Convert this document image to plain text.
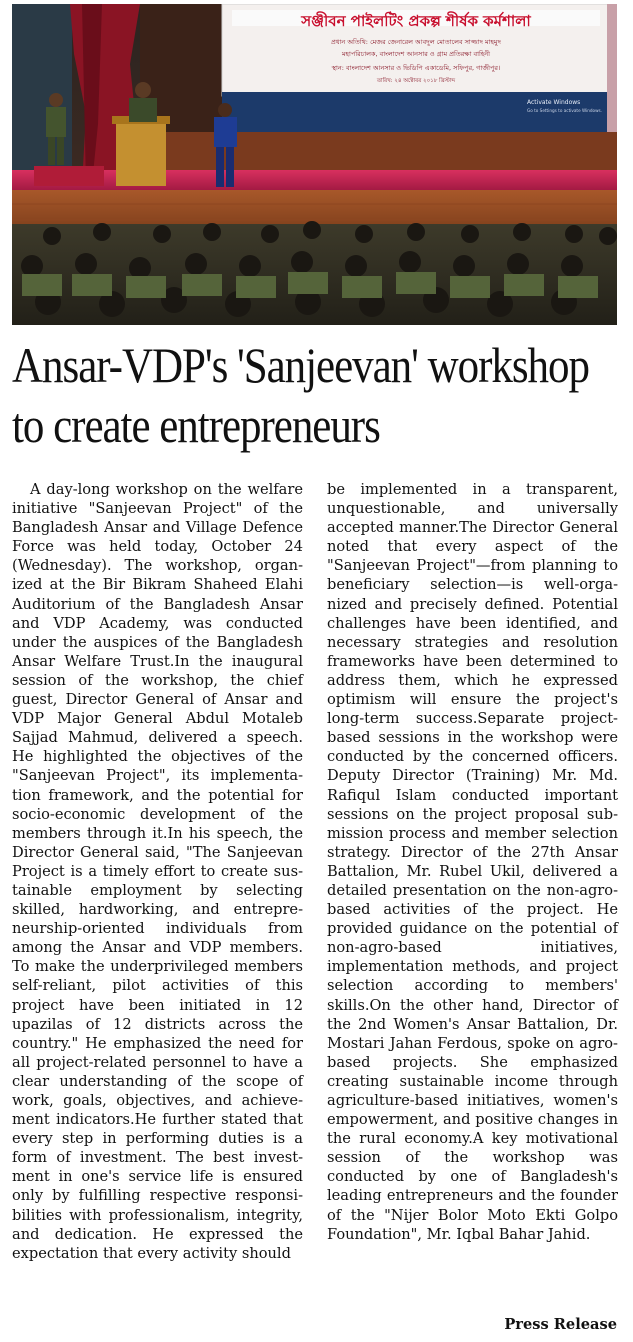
সঞ্জীবন পাইলটিং প্রকল্প শীর্ষক কর্মশালা
প্রধান অতিথি: মেজর জেনারেল আবদুল মোতালেব সাজ্জাদ মাহমুদ
মহাপরিচালক, বাংলাদেশ আনসার ও গ্রাম প্রতিরক্ষা বাহিনী
স্থান: বাংলাদেশ আনসার ও ভিডিপি একাডেমি, সফিপুর, গাজীপুর।
তারিখ: ২৪ অক্টোবর ২০১৮ খ্রিস্টাব্দ
Activate Windows
Go to Settings to activate Windows.
Ansar-VDP's 'Sanjeevan' workshop
to create entrepreneurs

A day-long workshop on the welfare initiative "Sanjeevan Project" of the Bangladesh Ansar and Village Defence Force was held today, October 24 (Wednesday). The workshop, organized at the Bir Bikram Shaheed Elahi Auditorium of the Bangladesh Ansar and VDP Academy, was conducted under the auspices of the Bangladesh Ansar Welfare Trust.In the inaugural session of the workshop, the chief guest, Director General of Ansar and VDP Major General Abdul Motaleb Sajjad Mahmud, delivered a speech. He highlighted the objectives of the "Sanjeevan Project", its implementation framework, and the potential for socio-economic development of the members through it.In his speech, the Director General said, "The Sanjeevan Project is a timely effort to create sustainable employment by selecting skilled, hardworking, and entrepreneurship-oriented individuals from among the Ansar and VDP members. To make the underprivileged members self-reliant, pilot activities of this project have been initiated in 12 upazilas of 12 districts across the country." He emphasized the need for all project-related personnel to have a clear understanding of the scope of work, goals, objectives, and achievement indicators.He further stated that every step in performing duties is a form of investment. The best investment in one's service life is ensured only by fulfilling respective responsibilities with professionalism, integrity, and dedication. He expressed the expectation that every activity should

be implemented in a transparent, unquestionable, and universally accepted manner.The Director General noted that every aspect of the "Sanjeevan Project"—from planning to beneficiary selection—is well-organized and precisely defined. Potential challenges have been identified, and necessary strategies and resolution frameworks have been determined to address them, which he expressed optimism will ensure the project's long-term success.Separate project-based sessions in the workshop were conducted by the concerned officers. Deputy Director (Training) Mr. Md. Rafiqul Islam conducted important sessions on the project proposal submission process and member selection strategy. Director of the 27th Ansar Battalion, Mr. Rubel Ukil, delivered a detailed presentation on the non-agro-based activities of the project. He provided guidance on the potential of non-agro-based initiatives, implementation methods, and project selection according to members' skills.On the other hand, Director of the 2nd Women's Ansar Battalion, Dr. Mostari Jahan Ferdous, spoke on agro-based projects. She emphasized creating sustainable income through agriculture-based initiatives, women's empowerment, and positive changes in the rural economy.A key motivational session of the workshop was conducted by one of Bangladesh's leading entrepreneurs and the founder of the "Nijer Bolor Moto Ekti Golpo Foundation", Mr. Iqbal Bahar Jahid.

Press Release
